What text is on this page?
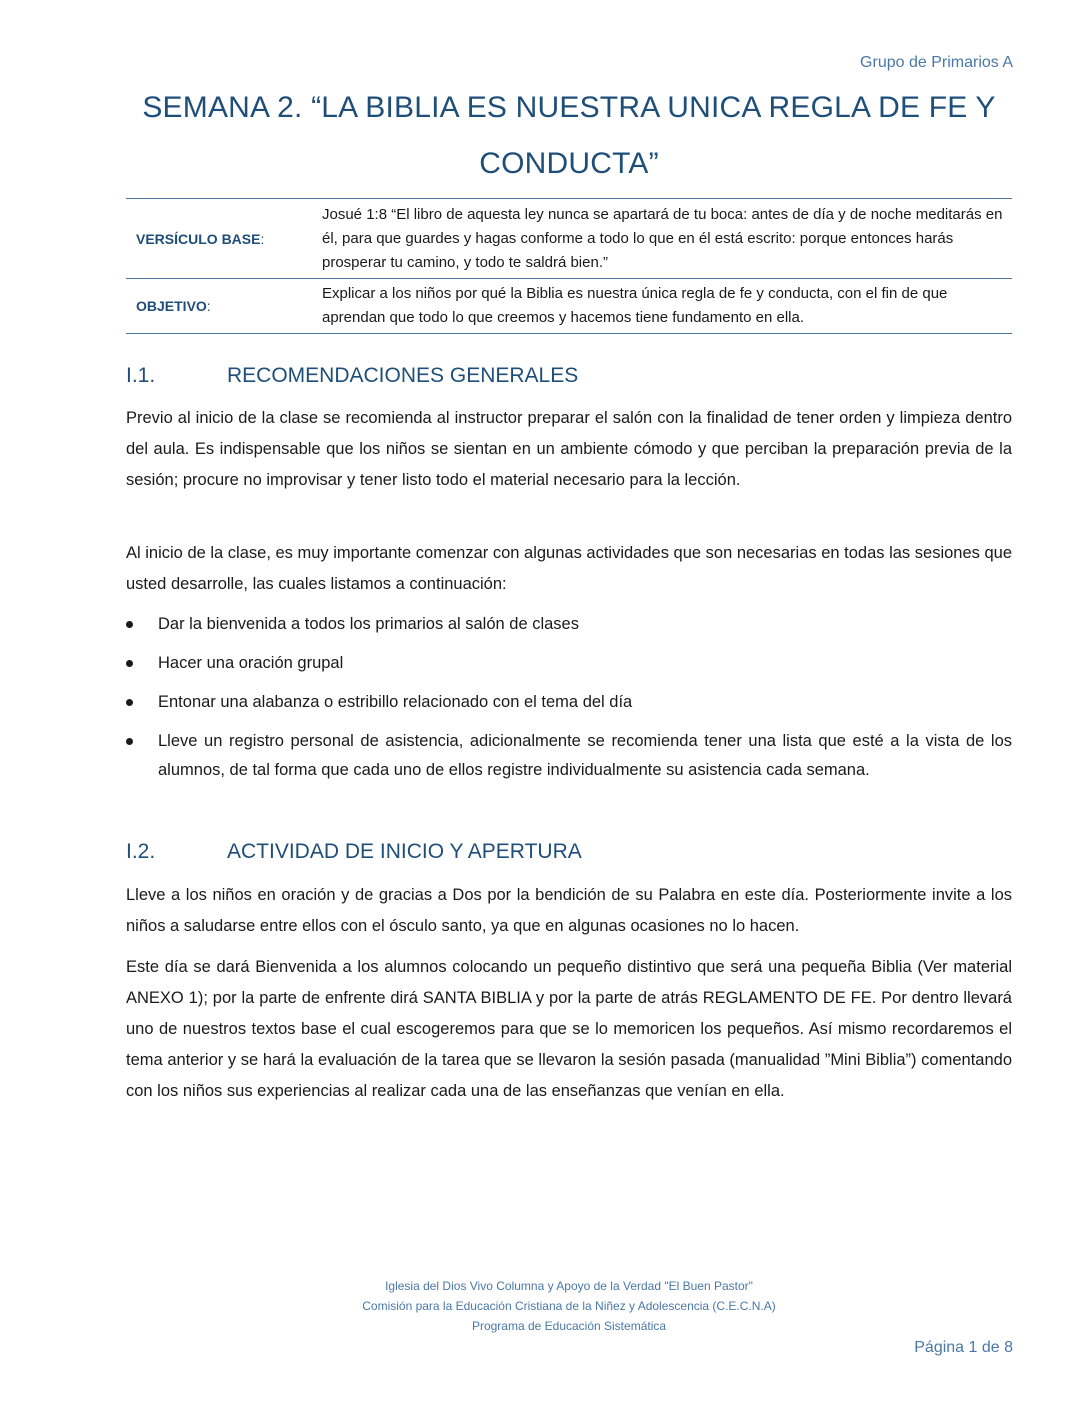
Grupo de Primarios A
SEMANA 2. “LA BIBLIA ES NUESTRA UNICA REGLA DE FE Y CONDUCTA”
VERSÍCULO BASE:	Josué 1:8 “El libro de aquesta ley nunca se apartará de tu boca: antes de día y de noche meditarás en él, para que guardes y hagas conforme a todo lo que en él está escrito: porque entonces harás prosperar tu camino, y todo te saldrá bien.”
OBJETIVO:	Explicar a los niños por qué la Biblia es nuestra única regla de fe y conducta, con el fin de que aprendan que todo lo que creemos y hacemos tiene fundamento en ella.
I.1.	RECOMENDACIONES GENERALES

Previo al inicio de la clase se recomienda al instructor preparar el salón con la finalidad de tener orden y limpieza dentro del aula. Es indispensable que los niños se sientan en un ambiente cómodo y que perciban la preparación previa de la sesión; procure no improvisar y tener listo todo el material necesario para la lección.

Al inicio de la clase, es muy importante comenzar con algunas actividades que son necesarias en todas las sesiones que usted desarrolle, las cuales listamos a continuación:

Dar la bienvenida a todos los primarios al salón de clases
Hacer una oración grupal
Entonar una alabanza o estribillo relacionado con el tema del día
Lleve un registro personal de asistencia, adicionalmente se recomienda tener una lista que esté a la vista de los alumnos, de tal forma que cada uno de ellos registre individualmente su asistencia cada semana.
I.2.	ACTIVIDAD DE INICIO Y APERTURA

Lleve a los niños en oración y de gracias a Dos por la bendición de su Palabra en este día. Posteriormente invite a los niños a saludarse entre ellos con el ósculo santo, ya que en algunas ocasiones no lo hacen.

Este día se dará Bienvenida a los alumnos colocando un pequeño distintivo que será una pequeña Biblia (Ver material ANEXO 1); por la parte de enfrente dirá SANTA BIBLIA y por la parte de atrás REGLAMENTO DE FE. Por dentro llevará uno de nuestros textos base el cual escogeremos para que se lo memoricen los pequeños. Así mismo recordaremos el tema anterior y se hará la evaluación de la tarea que se llevaron la sesión pasada (manualidad ”Mini Biblia”) comentando con los niños sus experiencias al realizar cada una de las enseñanzas que venían en ella.

Iglesia del Dios Vivo Columna y Apoyo de la Verdad "El Buen Pastor"
Comisión para la Educación Cristiana de la Niñez y Adolescencia (C.E.C.N.A)
Programa de Educación Sistemática
Página 1 de 8
